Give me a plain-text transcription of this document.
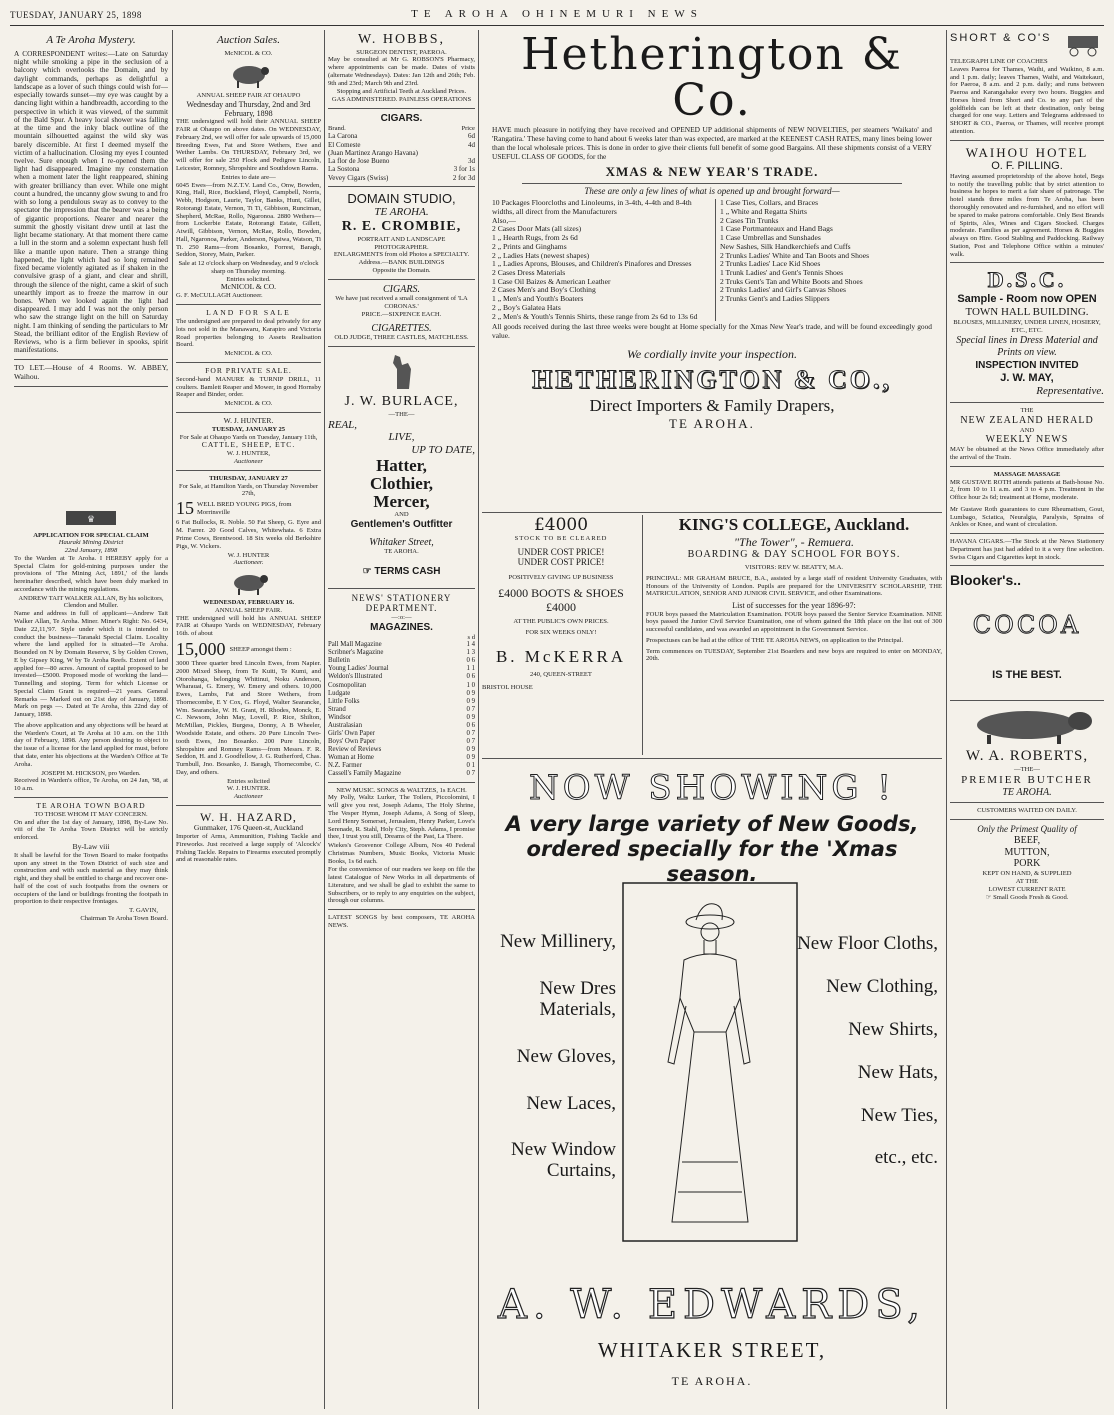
TUESDAY, JANUARY 25, 1898	TE AROHA OHINEMURI NEWS
A Te Aroha Mystery.
A CORRESPONDENT writes:—Late on Saturday night while smoking a pipe in the seclusion of a balcony which overlooks the Domain, and by daylight commands, perhaps as delightful a landscape as a lover of such things could wish for—especially towards sunset—my eye was caught by a dancing light within a handbreadth, according to the perspective in which it was viewed, of the summit of the Bald Spur. A heavy local shower was falling at the time and the inky black outline of the mountain silhouetted against the wild sky was barely discernible. At first I deemed myself the victim of a hallucination. Closing my eyes I counted twelve. Sure enough when I re-opened them the light had disappeared. Imagine my consternation when a moment later the light reappeared, shining with greater brilliancy than ever. While one might count a hundred, the uncanny glow swung to and fro with so long a pendulous sway as to convey to the spectator the impression that the bearer was a being of gigantic proportions. Nearer and nearer the summit the ghostly visitant drew until at last the light became stationary. At that moment there came a lull in the storm and a solemn expectant hush fell like a mantle upon nature. Then a strange thing happened, the light which had so long remained fixed became violently agitated as if shaken in the convulsive grasp of a giant, and clear and shrill, through the silence of the night, came a skirl of such unearthly import as to freeze the marrow in our bones. When we looked again the light had disappeared. I may add I was not the only person who saw the strange light on the hill on Saturday night. I am thinking of sending the particulars to Mr Stead, the brilliant editor of the English Review of Reviews, who is a firm believer in spooks, spirit manifestations.
TO LET.—House of 4 Rooms. W. ABBEY, Waihou.
♛
APPLICATION FOR SPECIAL CLAIM
Hauraki Mining District
22nd January, 1898
To the Warden at Te Aroha. I HEREBY apply for a Special Claim for gold-mining purposes under the provisions of 'The Mining Act, 1891,' of the lands hereinafter described, which have been duly marked in accordance with the mining regulations.
ANDREW TAIT WALKER ALLAN, By his solicitors, Clendon and Muller.
Name and address in full of applicant—Andrew Tait Walker Allan, Te Aroha. Miner. Miner's Right: No. 6434, Date 22,11,'97. Style under which it is intended to conduct the business—Taranaki Special Claim. Locality where the land applied for is situated—Te Aroha. Bounded on N by Domain Reserve, S by Golden Crown, E by Gipsey King, W by Te Aroha Reefs. Extent of land applied for—80 acres. Amount of capital proposed to be invested—£5000. Proposed mode of working the land—Tunnelling and stoping. Term for which License or Special Claim Grant is required—21 years. General Remarks — Marked out on 21st day of January, 1898. Mark on pegs —. Dated at Te Aroha, this 22nd day of January, 1898.
The above application and any objections will be heard at the Warden's Court, at Te Aroha at 10 a.m. on the 11th day of February, 1898. Any person desiring to object to the issue of a license for the land applied for must, before that date, enter his objections at the Warden's Office at Te Aroha.
JOSEPH M. HICKSON, pro Warden.
Received in Warden's office, Te Aroha, on 24 Jan, '98, at 10 a.m.
TE AROHA TOWN BOARD
TO THOSE WHOM IT MAY CONCERN.
On and after the 1st day of January, 1898, By-Law No. viii of the Te Aroha Town District will be strictly enforced.
By-Law viii
It shall be lawful for the Town Board to make footpaths upon any street in the Town District of such size and construction and with such material as they may think right, and they shall be entitled to charge and recover one-half of the cost of such footpaths from the owners or occupiers of the land or buildings fronting the footpath in proportion to their respective frontages.
T. GAVIN,
Chairman Te Aroha Town Board.
Auction Sales.
McNICOL & CO.
ANNUAL SHEEP FAIR AT OHAUPO
Wednesday and Thursday, 2nd and 3rd February, 1898
THE undersigned will hold their ANNUAL SHEEP FAIR at Ohaupo on above dates. On WEDNESDAY, February 2nd, we will offer for sale upwards of 15,000 Breeding Ewes, Fat and Store Wethers, Ewe and Wether Lambs. On THURSDAY, February 3rd, we will offer for sale 250 Flock and Pedigree Lincoln, Leicester, Romney, Shropshire and Southdown Rams.
Entries to date are—
6045 Ewes—from N.Z.T.V. Land Co., Onw, Bowden, King, Hall, Rice, Buckland, Floyd, Campbell, Norris, Webb, Hodgson, Laurie, Taylor, Banks, Hunt, Gillet, Rotorangi Estate, Vernon, Ti Ti, Gibbison, Runciman, Shepherd, McRae, Rollo, Ngaronoa. 2880 Wethers—from Lockerbie Estate, Rotorangi Estate, Gillett, Atwill, Gibbison, Vernon, McRae, Rollo, Bowden, Hall, Ngaronoa, Parker, Anderson, Ngaiwa, Watson, Ti Ti. 250 Rams—from Bosanko, Forrest, Baragh, Seddon, Storey, Main, Parker.
Sale at 12 o'clock sharp on Wednesday, and 9 o'clock sharp on Thursday morning.
Entries solicited.
McNICOL & CO.
G. F. McCULLAGH Auctioneer.
LAND FOR SALE
The undersigned are prepared to deal privately for any lots not sold in the Manawaru, Karapiro and Victoria Road properties belonging to Assets Realisation Board.
McNICOL & CO.
FOR PRIVATE SALE.
Second-hand MANURE & TURNIP DRILL, 11 coulters. Bamlett Reaper and Mower, in good Hornsby Reaper and Binder, order.
McNICOL & CO.
W. J. HUNTER.
TUESDAY, JANUARY 25
For Sale at Ohaupo Yards on Tuesday, January 11th,
CATTLE, SHEEP, ETC.
W. J. HUNTER,
Auctioneer
THURSDAY, JANUARY 27
For Sale, at Hamilton Yards, on Thursday November 27th,
15 WELL BRED YOUNG PIGS, from Morrinsville
6 Fat Bullocks, R. Noble. 50 Fat Sheep, G. Eyre and M. Farrer. 20 Good Calves, Whitewhata. 6 Extra Prime Cows, Brentwood. 18 Six weeks old Berkshire Pigs, W. Vickers.
W. J. HUNTER
Auctioneer.
WEDNESDAY, FEBRUARY 16.
ANNUAL SHEEP FAIR.
THE undersigned will hold his ANNUAL SHEEP FAIR at Ohaupo Yards on WEDNESDAY, February 16th. of about
15,000 SHEEP amongst them :
3000 Three quarter bred Lincoln Ewes, from Napier. 2000 Mixed Sheep, from Te Kuiti, Te Kumi, and Otorohanga, belonging Whitinui, Noku Anderson, Wharauai, G. Emery, W. Emery and others. 10,000 Ewes, Lambs, Fat and Store Wethers, from Thornecombe, E Y Cox, G. Floyd, Walter Searancke, Wm. Searancke, W. H. Grant, H. Rhodes, Monck, E. C. Newsom, John May, Lovell, P. Rice, Shilton, McMillan, Pickles, Burgess, Donny, A B Wheeler, Woodside Estate, and others. 20 Pure Lincoln Two-tooth Ewes, Jno Bosanko. 200 Pure Lincoln, Shropshire and Romney Rams—from Messrs. F. R. Seddon, H. and J. Goodfellow, J. G. Rutherford, Chas. Turnbull, Jno. Bosanko, J. Baragh, Thornecombe, C. Day, and others.
Entries solicited
W. J. HUNTER.
Auctioneer
W. H. HAZARD,
Gunmaker, 176 Queen-st, Auckland
Importer of Arms, Ammunition, Fishing Tackle and Fireworks. Just received a large supply of 'Alcock's' Fishing Tackle. Repairs to Firearms executed promptly and at reasonable rates.
W. HOBBS,
SURGEON DENTIST, PAEROA.
May be consulted at Mr G. ROBSON'S Pharmacy, where appointments can be made. Dates of visits (alternate Wednesdays). Dates: Jan 12th and 26th; Feb. 9th and 23rd; March 9th and 23rd.
Stopping and Artificial Teeth at Auckland Prices.
GAS ADMINISTERED. PAINLESS OPERATIONS
CIGARS.
Brand.	Price
La Carona	6d
El Comeste	4d
(Juan Martinez Arango Havana)
La flor de Jose Bueno	3d
La Sostona	3 for 1s
Vevey Cigars (Swiss)	2 for 3d
DOMAIN STUDIO,
TE AROHA.
R. E. CROMBIE,
PORTRAIT AND LANDSCAPE
PHOTOGRAPHER.
ENLARGMENTS from old Photos a SPECIALTY.
Address.—BANK BUILDINGS
Opposite the Domain.
CIGARS.
We have just received a small consignment of 'LA CORONAS.'
PRICE.—SIXPENCE EACH.
CIGARETTES.
OLD JUDGE, THREE CASTLES, MATCHLESS.
J. W. BURLACE,
—THE—
REAL,
LIVE,
UP TO DATE,
Hatter,
Clothier,
Mercer,
AND
Gentlemen's Outfitter
Whitaker Street,
TE AROHA.
☞ TERMS CASH
NEWS' STATIONERY DEPARTMENT.
—:o:—
MAGAZINES.
s d
Pall Mall Magazine	1 4
Scribner's Magazine	1 3
Bulletin	0 6
Young Ladies' Journal	1 1
Weldon's Illustrated	0 6
Cosmopolitan	1 0
Ludgate	0 9
Little Folks	0 9
Strand	0 7
Windsor	0 9
Australasian	0 6
Girls' Own Paper	0 7
Boys' Own Paper	0 7
Review of Reviews	0 9
Woman at Home	0 9
N.Z. Farmer	0 1
Cassell's Family Magazine	0 7
NEW MUSIC. SONGS & WALTZES, 1s EACH.
My Polly, Waltz Lurker, The Toilers, Piccolomini, I will give you rest, Joseph Adams, The Holy Shrine, The Vesper Hymn, Joseph Adams, A Song of Sleep, Lord Henry Somerset, Jerusalem, Henry Parker, Love's Serenade, R. Stahl, Holy City, Steph. Adams, I promise thee, I trust you still, Dreams of the Past, La There.
Wiekes's Grosvenor College Album, Nos 40 Federal Christmas Numbers, Music Books, Victoria Music Books, 1s 6d each.
For the convenience of our readers we keep on file the latest Catalogue of New Works in all departments of Literature, and we shall be glad to exhibit the same to Subscribers, or to reply to any enquiries on the subject, through our columns.
LATEST SONGS by best composers, TE AROHA NEWS.
Hetherington & Co.
HAVE much pleasure in notifying they have received and OPENED UP additional shipments of NEW NOVELTIES, per steamers 'Waikato' and 'Rangatira.' These having come to hand about 6 weeks later than was expected, are marked at the KEENEST CASH RATES, many lines being lower than the local wholesale prices. This is done in order to give their clients full benefit of some good Bargains. All these shipments consist of a VERY USEFUL CLASS OF GOODS, for the
XMAS & NEW YEAR'S TRADE.
These are only a few lines of what is opened up and brought forward—
10 Packages Floorcloths and Linoleums, in 3-4th, 4-4th and 8-4th widths, all direct from the Manufacturers
Also,—
2 Cases Door Mats (all sizes)
1 „ Hearth Rugs, from 2s 6d
2 „ Prints and Ginghams
2 „ Ladies Hats (newest shapes)
1 „ Ladies Aprons, Blouses, and Children's Pinafores and Dresses
2 Cases Dress Materials
1 Case Oil Baizes & American Leather
2 Cases Men's and Boy's Clothing
1 „ Men's and Youth's Boaters
2 „ Boy's Galatea Hats
2 „ Men's & Youth's Tennis Shirts, these range from 2s 6d to 13s 6d
1 Case Ties, Collars, and Braces
1 „ White and Regatta Shirts
2 Cases Tin Trunks
1 Case Portmanteaux and Hand Bags
1 Case Umbrellas and Sunshades
New Sashes, Silk Handkerchiefs and Cuffs
2 Trunks Ladies' White and Tan Boots and Shoes
2 Trunks Ladies' Lace Kid Shoes
1 Trunk Ladies' and Gent's Tennis Shoes
2 Truks Gent's Tan and White Boots and Shoes
2 Trunks Ladies' and Girl's Canvas Shoes
2 Trunks Gent's and Ladies Slippers
All goods received during the last three weeks were bought at Home specially for the Xmas New Year's trade, and will be found exceedingly good value.
We cordially invite your inspection.
HETHERINGTON & CO.,
Direct Importers & Family Drapers,
TE AROHA.
£4000
STOCK TO BE CLEARED
UNDER COST PRICE!
UNDER COST PRICE!
POSITIVELY GIVING UP BUSINESS
£4000 BOOTS & SHOES £4000
AT THE PUBLIC'S OWN PRICES.
FOR SIX WEEKS ONLY!
B. McKERRA
240, QUEEN-STREET
BRISTOL HOUSE
KING'S COLLEGE, Auckland.
"The Tower", - Remuera.
BOARDING & DAY SCHOOL FOR BOYS.
VISITORS: REV W. BEATTY, M.A.
PRINCIPAL: MR GRAHAM BRUCE, B.A., assisted by a large staff of resident University Graduates, with Honours of the University of London. Pupils are prepared for the UNIVERSITY SCHOLARSHIP, THE MATRICULATION, SENIOR AND JUNIOR CIVIL SERVICE, and other Examinations.
List of successes for the year 1896-97:
FOUR boys passed the Matriculation Examination. FOUR boys passed the Senior Service Examination. NINE boys passed the Junior Civil Service Examination, one of whom gained the 18th place on the list out of 300 successful candidates, and was awarded an appointment in the Government Service.
Prospectuses can be had at the office of THE TE AROHA NEWS, on application to the Principal.
Term commences on TUESDAY, September 21st Boarders and new boys are required to enter on MONDAY, 20th.
NOW SHOWING !
A very large variety of New Goods, ordered specially for the 'Xmas season.
New Millinery,
New Dres Materials,
New Gloves,
New Laces,
New Window Curtains,
New Floor Cloths,
New Clothing,
New Shirts,
New Hats,
New Ties,
etc., etc.
A. W. EDWARDS,
WHITAKER STREET,
TE AROHA.
SHORT & CO'S
TELEGRAPH LINE OF COACHES
Leaves Paeroa for Thames, Waihi, and Waikino, 8 a.m. and 1 p.m. daily; leaves Thames, Waihi, and Waitekauri, for Paeroa, 8 a.m. and 2 p.m. daily; and runs between Paeroa and Karangahake every two hours. Buggies and Horses hired from Short and Co. to any part of the goldfields can be left at their destination, only being charged for one way. Letters and Telegrams addressed to SHORT & CO., Paeroa, or Thames, will receive prompt attention.
WAIHOU HOTEL
O. F. PILLING.
Having assumed proprietorship of the above hotel, Begs to notify the travelling public that by strict attention to business he hopes to merit a fair share of patronage. The hotel stands three miles from Te Aroha, has been thoroughly renovated and re-furnished, and no effort will be spared to make patrons comfortable. Only Best Brands of Spirits, Ales, Wines and Cigars Stocked. Charges moderate. Families as per agreement. Horses & Buggies always on Hire. Good Stabling and Paddocking. Railway Station, Post and Telephone Office within a minutes' walk.
D.S.C.
Sample - Room now OPEN
TOWN HALL BUILDING.
BLOUSES, MILLINERY, UNDER LINEN, HOSIERY, ETC., ETC.
Special lines in Dress Material and Prints on view.
INSPECTION INVITED
J. W. MAY,
Representative.
THE
NEW ZEALAND HERALD
AND
WEEKLY NEWS
MAY be obtained at the News Office immediately after the arrival of the Train.
MASSAGE MASSAGE
MR GUSTAVE ROTH attends patients at Bath-house No. 2, from 10 to 11 a.m. and 3 to 4 p.m. Treatment in the Office hour 2s 6d; treatment at Home, moderate.
Mr Gustave Roth guarantees to cure Rheumatism, Gout, Lumbago, Sciatica, Neuralgia, Paralysis, Sprains of Ankles or Knee, and want of circulation.
HAVANA CIGARS.—The Stock at the News Stationery Department has just had added to it a very fine selection. Swiss Cigars and Cigarettes kept in stock.
Blooker's..
COCOA
IS THE BEST.
W. A. ROBERTS,
—THE—
PREMIER BUTCHER
TE AROHA.
CUSTOMERS WAITED ON DAILY.
Only the Primest Quality of
BEEF,
MUTTON,
PORK
KEPT ON HAND, & SUPPLIED
AT THE
LOWEST CURRENT RATE
☞ Small Goods Fresh & Good.
